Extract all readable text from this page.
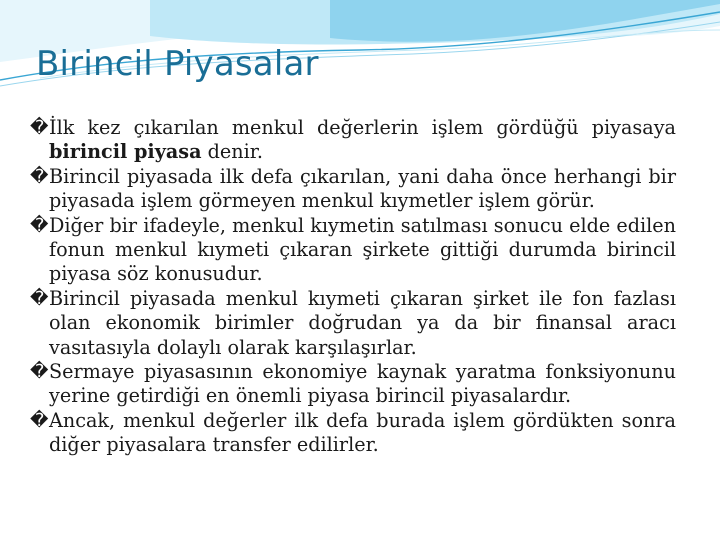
Birincil Piyasalar
� İlk kez çıkarılan menkul değerlerin işlem gördüğü piyasaya birincil piyasa denir.
� Birincil piyasada ilk defa çıkarılan, yani daha önce herhangi bir piyasada işlem görmeyen menkul kıymetler işlem görür.
� Diğer bir ifadeyle, menkul kıymetin satılması sonucu elde edilen fonun menkul kıymeti çıkaran şirkete gittiği durumda birincil piyasa söz konusudur.
� Birincil piyasada menkul kıymeti çıkaran şirket ile fon fazlası olan ekonomik birimler doğrudan ya da bir finansal aracı vasıtasıyla dolaylı olarak karşılaşırlar.
� Sermaye piyasasının ekonomiye kaynak yaratma fonksiyonunu yerine getirdiği en önemli piyasa birincil piyasalardır.
� Ancak, menkul değerler ilk defa burada işlem gördükten sonra diğer piyasalara transfer edilirler.
